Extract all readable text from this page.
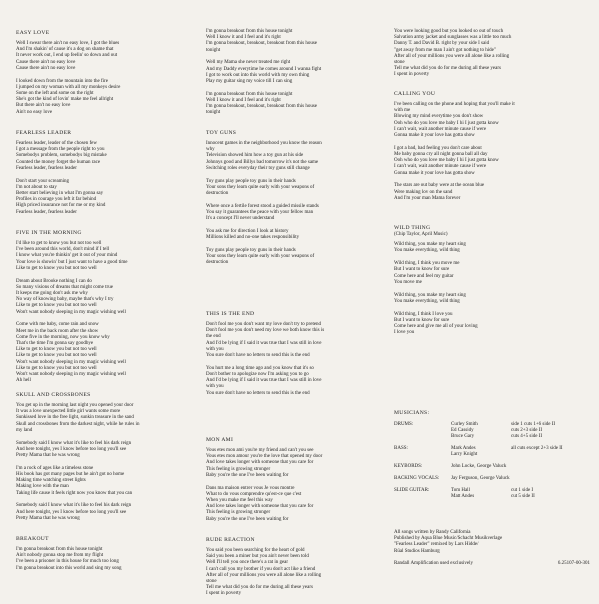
EASY LOVE
Well I swear there ain't no easy love, I got the blues
And I'm shakin' of cause it's a dog on shame that
It never work out, I end up feelin' so down and out
Cause there ain't no easy love
Cause there ain't no easy love
I looked down from the mountain into the fire
I jumped on my woman with all my monkeys desire
Some on the left and some on the right
She's got the kind of lovin' make me feel allright
But there ain't no easy love
Ain't no easy love
FEARLESS LEADER
Fearless leader, leader of the chosen few
I got a message from the people right to you
Somebodys problem, somebodys big mistake
Counted the money forget the human race
Fearless leader, fearless leader
Don't start your screaming
I'm not about to stay
Better start believing in what I'm gonna say
Profiles in courage you left it far behind
High priced insurance not for me or my kind
Fearless leader, fearless leader
FIVE IN THE MORNING
I'd like to get to know you but not too well
I've been around this world, don't mind if I tell
I know what you're thinkin' get it out of your mind
Your love is showin' but I just want to have a good time
Like to get to know you but not too well
Dream about Brooke nothing I can do
So many visions of dreams that might come true
It keeps me going don't ask me why
No way of knowing baby, maybe that's why I try
Like to get to know you but not too well
Won't want nobody sleeping in my magic wishing well
Come with me baby, come rain and snow
Meet me in the back room after the show
Come five in the morning, now you know why
That's the time I'm gonna say goodbye
Like to get to know you but not too well
Like to get to know you but not too well
Won't want nobody sleeping in my magic wishing well
Like to get to know you but not too well
Won't want nobody sleeping in my magic wishing well
Ah hell
SKULL AND CROSSBONES
You get up in the morning last night you opened your door
It was a love unexpected little girl wants some more
Sunkissed love in the free light, sunkin treasure in the sand
Skull and crossbones from the darkest night, while he rules in
my land
Somebody said I know what it's like to feel his dark reign
And here tonight, yes I know before too long you'll see
Pretty Mama that he was wrong
I'm a rock of ages like a timeless stone
His book has got many pages but he ain't got no home
Making time watching street lights
Making love with the man
Taking life cause it feels right now you know that you can
Somebody said I know what it's like to feel his dark reign
And here tonight, yes I know before too long you'll see
Pretty Mama that he was wrong
BREAKOUT
I'm gonna breakout from this house tonight
Ain't nobody gonna stop me from my flight
I've been a prisoner in this house for much too long
I'm gonna breakout into this world and sing my song
I'm gonna breakout from this house tonight
Well I know it and I feel and it's right
I'm gonna breakout, breakout, breakout from this house
tonight
Well my Mama she never treated me right
And my Daddy everytime he comes around I wanna fight
I got to work out into this world with my own thing
Play my guitar sing my voice till I can sing
I'm gonna breakout from this house tonight
Well I know it and I feel and it's right
I'm gonna breakout, breakout, breakout from this house
tonight
TOY GUNS
Innocent games in the neighborhood you know the reason
why
Television showed him how a toy gun at his side
Johnnys good and Billys bad tomorrow it's not the same
Switching roles everyday their toy guns still change
Toy guns play people toy guns in their hands
Your sons they learn quite early with your weapons of
destruction
Where once a fertile forest stood a guided missile stands
You say it guarantees the peace with your fellow man
It's a concept I'll never understand
You ask me for direction I look at history
Millions killed and no-one takes responsibility
Toy guns play people toy guns in their hands
Your sons they learn quite early with your weapons of
destruction
THIS IS THE END
Don't fool me you don't want my love don't try to pretend
Don't fool me you don't need my love we both know this is
the end
And I'd be lying if I said it was true that I was still in love
with you
You sure don't have no letters to send this is the end
You hurt me a long time ago and you know that it's so
Don't bother to apologize now I'm asking you to go
And I'd be lying if I said it was true that I was still in love
with you
You sure don't have no letters to send this is the end
MON AMI
Vous etes mon ami you're my friend and can't you see
Vous etes mon amour you're the love that opened my door
And love takes longer with someone that you care for
This feeling is growing stronger
Baby you're the one I've been waiting for
Dans ma maison entrer vous Je vous montre
What to do vous comprendre qu'est-ce que c'est
When you make me feel this way
And love takes longer with someone that you care for
This feeling is growing stronger
Baby you're the one I've been waiting for
RUDE REACTION
You said you been searching for the heart of gold
Said you been a miner but you ain't never been told
Well I'll tell you once there's a rat in gear
I can't call you my brother if you don't act like a friend
After all of your millions you were all alone like a rolling
stone
Tell me what did you do for me during all these years
I spent in poverty
You were looking good but you looked so out of touch
Salvation army jacket and sunglasses was a little too much
Danny T. and David B. right by your side I said
"get away from me man I ain't got nothing to hide"
After all of your millions you were all alone like a rolling
stone
Tell me what did you do for me during all these years
I spent in poverty
CALLING YOU
I've been calling on the phone and hoping that you'll make it
with me
Blowing my mind everytime you don't show
Ooh who do you love me baby I hi I just gotta know
I can't wait, wait another minute cause if were
Gonna make it your love has gotta show
I got a bad, bad feeling you don't care about
Me baby gonna cry all night gonna ball all day
Ooh who do you love me baby I hi I just gotta know
I can't wait, wait another minute cause if were
Gonna make it your love has gotta show
The stars are out baby were at the ocean blue
Were making lov on the sand
And I'm your man Mama forever
WILD THING
(Chip Taylor, April Music)
Wild thing, you make my heart sing
You make everything, wild thing
Wild thing, I think you move me
But I want to know for sure
Come here and feel my guitar
You move me
Wild thing, you make my heart sing
You make everything, wild thing
Wild thing, I think I love you
But I want to know for sure
Come here and give me all of your loving
I love you
MUSICIANS:
DRUMS:	Curley Smith	side 1 cuts 1+6 side II
Ed Cassidy	cuts 2+3 side II
Bruce Gary	cuts 4+5 side II
BASS:	Mark Andes	all cuts except 2+3 side II
Larry Knight
KEYBORDS:	John Locke, George Valuck
BACKING VOCALS:	Jay Ferguson, George Valuck
SLIDE GUITAR:	Tom Hall	cut 1 side I
Matt Andes	cut 5 side II
All songs written by Randy California
Published by Aqua Blue Music/Schacht Musikverlage
"Fearless Leader" remixed by Lars Hidde/
Rüal Studios Hamburg
Randall Amplification used exclusively	6.25107-00-301
